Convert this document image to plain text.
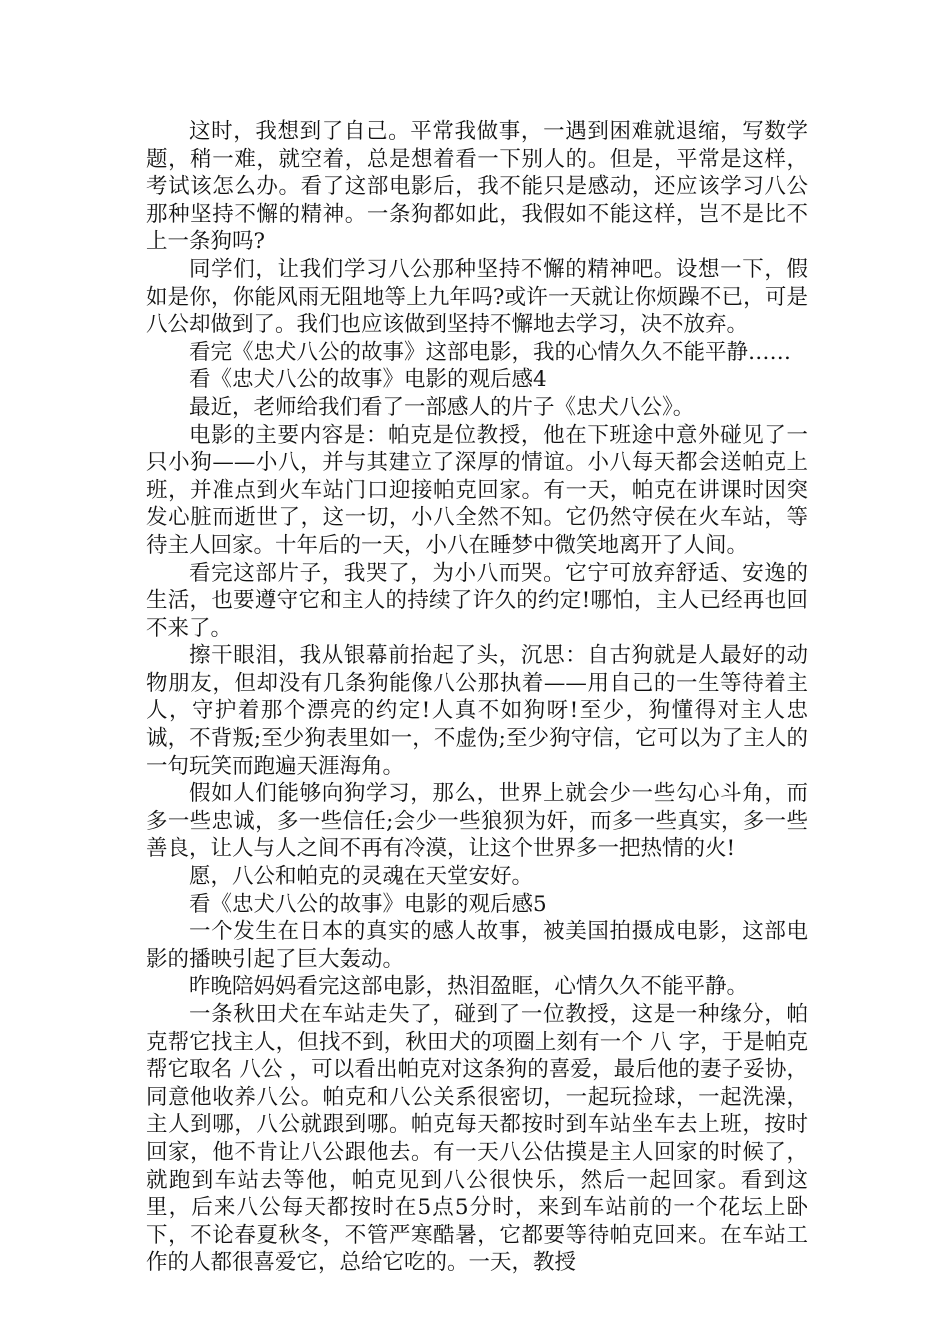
这时，我想到了自己。平常我做事，一遇到困难就退缩，写数学题，稍一难，就空着，总是想着看一下别人的。但是，平常是这样，考试该怎么办。看了这部电影后，我不能只是感动，还应该学习八公那种坚持不懈的精神。一条狗都如此，我假如不能这样，岂不是比不上一条狗吗?

同学们，让我们学习八公那种坚持不懈的精神吧。设想一下，假如是你，你能风雨无阻地等上九年吗?或许一天就让你烦躁不已，可是八公却做到了。我们也应该做到坚持不懈地去学习，决不放弃。

看完《忠犬八公的故事》这部电影，我的心情久久不能平静……

看《忠犬八公的故事》电影的观后感4

最近，老师给我们看了一部感人的片子《忠犬八公》。

电影的主要内容是：帕克是位教授，他在下班途中意外碰见了一只小狗——小八，并与其建立了深厚的情谊。小八每天都会送帕克上班，并准点到火车站门口迎接帕克回家。有一天，帕克在讲课时因突发心脏而逝世了，这一切，小八全然不知。它仍然守侯在火车站，等待主人回家。十年后的一天，小八在睡梦中微笑地离开了人间。

看完这部片子，我哭了，为小八而哭。它宁可放弃舒适、安逸的生活，也要遵守它和主人的持续了许久的约定!哪怕，主人已经再也回不来了。

擦干眼泪，我从银幕前抬起了头，沉思：自古狗就是人最好的动物朋友，但却没有几条狗能像八公那执着——用自己的一生等待着主人，守护着那个漂亮的约定!人真不如狗呀!至少，狗懂得对主人忠诚，不背叛;至少狗表里如一，不虚伪;至少狗守信，它可以为了主人的一句玩笑而跑遍天涯海角。

假如人们能够向狗学习，那么，世界上就会少一些勾心斗角，而多一些忠诚，多一些信任;会少一些狼狈为奸，而多一些真实，多一些善良，让人与人之间不再有冷漠，让这个世界多一把热情的火!

愿，八公和帕克的灵魂在天堂安好。

看《忠犬八公的故事》电影的观后感5

一个发生在日本的真实的感人故事，被美国拍摄成电影，这部电影的播映引起了巨大轰动。

昨晚陪妈妈看完这部电影，热泪盈眶，心情久久不能平静。

一条秋田犬在车站走失了，碰到了一位教授，这是一种缘分，帕克帮它找主人，但找不到，秋田犬的项圈上刻有一个 八 字，于是帕克帮它取名 八公 ，可以看出帕克对这条狗的喜爱，最后他的妻子妥协，同意他收养八公。帕克和八公关系很密切，一起玩捡球，一起洗澡，主人到哪，八公就跟到哪。帕克每天都按时到车站坐车去上班，按时回家，他不肯让八公跟他去。有一天八公估摸是主人回家的时候了，就跑到车站去等他，帕克见到八公很快乐，然后一起回家。看到这里，后来八公每天都按时在5点5分时，来到车站前的一个花坛上卧下，不论春夏秋冬，不管严寒酷暑，它都要等待帕克回来。在车站工作的人都很喜爱它，总给它吃的。一天，教授
